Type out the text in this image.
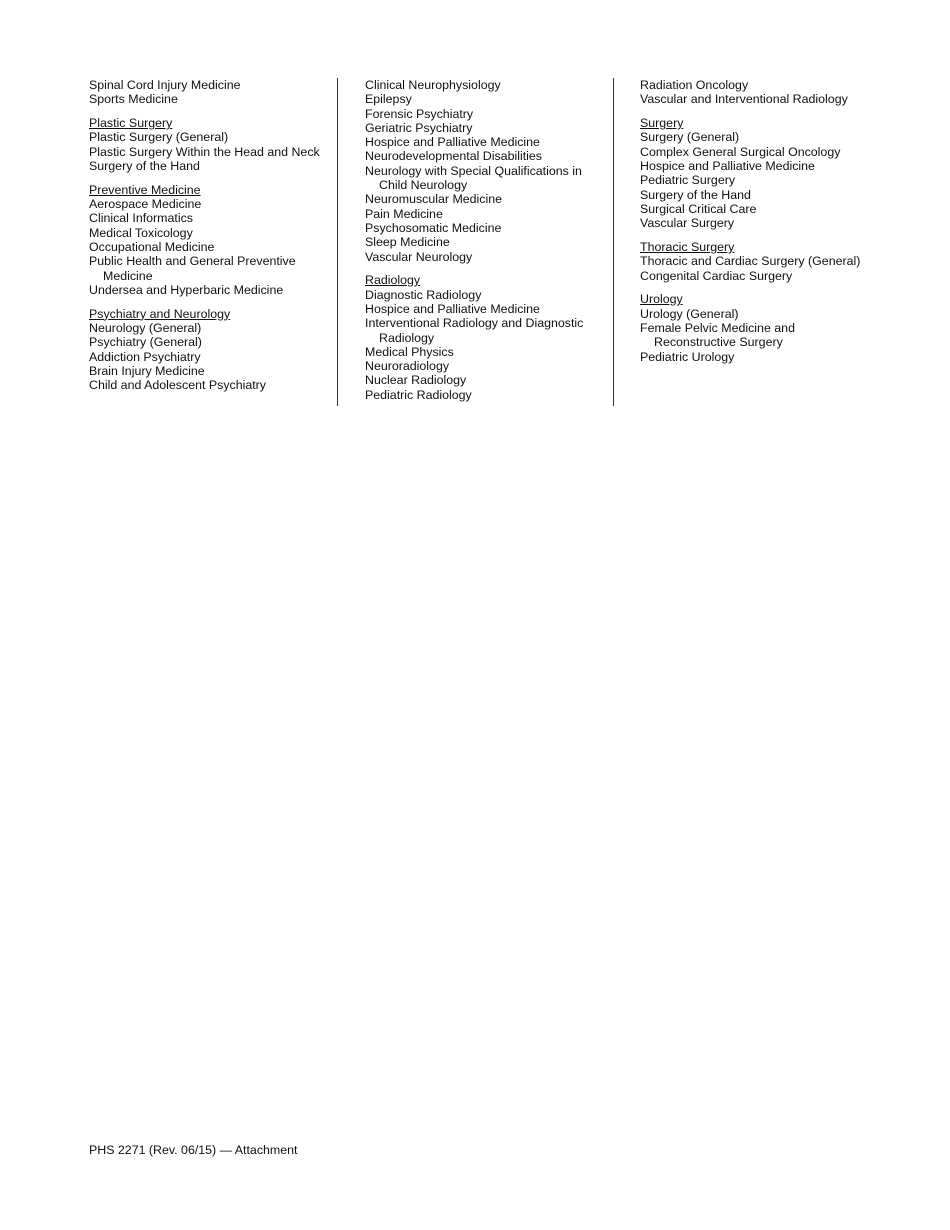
Spinal Cord Injury Medicine
Sports Medicine
Plastic Surgery
Plastic Surgery (General)
Plastic Surgery Within the Head and Neck
Surgery of the Hand
Preventive Medicine
Aerospace Medicine
Clinical Informatics
Medical Toxicology
Occupational Medicine
Public Health and General Preventive Medicine
Undersea and Hyperbaric Medicine
Psychiatry and Neurology
Neurology (General)
Psychiatry (General)
Addiction Psychiatry
Brain Injury Medicine
Child and Adolescent Psychiatry
Clinical Neurophysiology
Epilepsy
Forensic Psychiatry
Geriatric Psychiatry
Hospice and Palliative Medicine
Neurodevelopmental Disabilities
Neurology with Special Qualifications in Child Neurology
Neuromuscular Medicine
Pain Medicine
Psychosomatic Medicine
Sleep Medicine
Vascular Neurology
Radiology
Diagnostic Radiology
Hospice and Palliative Medicine
Interventional Radiology and Diagnostic Radiology
Medical Physics
Neuroradiology
Nuclear Radiology
Pediatric Radiology
Radiation Oncology
Vascular and Interventional Radiology
Surgery
Surgery (General)
Complex General Surgical Oncology
Hospice and Palliative Medicine
Pediatric Surgery
Surgery of the Hand
Surgical Critical Care
Vascular Surgery
Thoracic Surgery
Thoracic and Cardiac Surgery (General)
Congenital Cardiac Surgery
Urology
Urology (General)
Female Pelvic Medicine and Reconstructive Surgery
Pediatric Urology
PHS 2271 (Rev. 06/15) — Attachment
